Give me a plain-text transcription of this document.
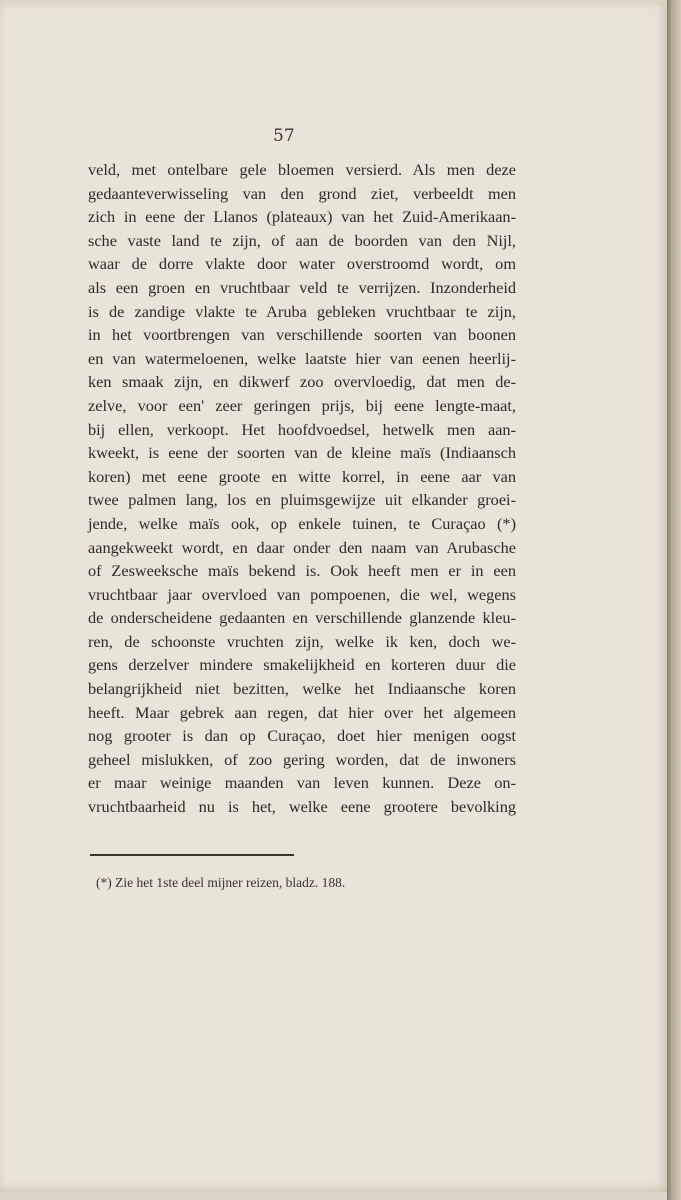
57
veld, met ontelbare gele bloemen versierd. Als men deze
gedaanteverwisseling van den grond ziet, verbeeldt men
zich in eene der Llanos (plateaux) van het Zuid-Amerikaan-
sche vaste land te zijn, of aan de boorden van den Nijl,
waar de dorre vlakte door water overstroomd wordt, om
als een groen en vruchtbaar veld te verrijzen. Inzonderheid
is de zandige vlakte te Aruba gebleken vruchtbaar te zijn,
in het voortbrengen van verschillende soorten van boonen
en van watermeloenen, welke laatste hier van eenen heerlij-
ken smaak zijn, en dikwerf zoo overvloedig, dat men de-
zelve, voor een' zeer geringen prijs, bij eene lengte-maat,
bij ellen, verkoopt. Het hoofdvoedsel, hetwelk men aan-
kweekt, is eene der soorten van de kleine maïs (Indiaansch
koren) met eene groote en witte korrel, in eene aar van
twee palmen lang, los en pluimsgewijze uit elkander groei-
jende, welke maïs ook, op enkele tuinen, te Curaçao (*)
aangekweekt wordt, en daar onder den naam van Arubasche
of Zesweeksche maïs bekend is. Ook heeft men er in een
vruchtbaar jaar overvloed van pompoenen, die wel, wegens
de onderscheidene gedaanten en verschillende glanzende kleu-
ren, de schoonste vruchten zijn, welke ik ken, doch we-
gens derzelver mindere smakelijkheid en korteren duur die
belangrijkheid niet bezitten, welke het Indiaansche koren
heeft. Maar gebrek aan regen, dat hier over het algemeen
nog grooter is dan op Curaçao, doet hier menigen oogst
geheel mislukken, of zoo gering worden, dat de inwoners
er maar weinige maanden van leven kunnen. Deze on-
vruchtbaarheid nu is het, welke eene grootere bevolking
(*) Zie het 1ste deel mijner reizen, bladz. 188.
